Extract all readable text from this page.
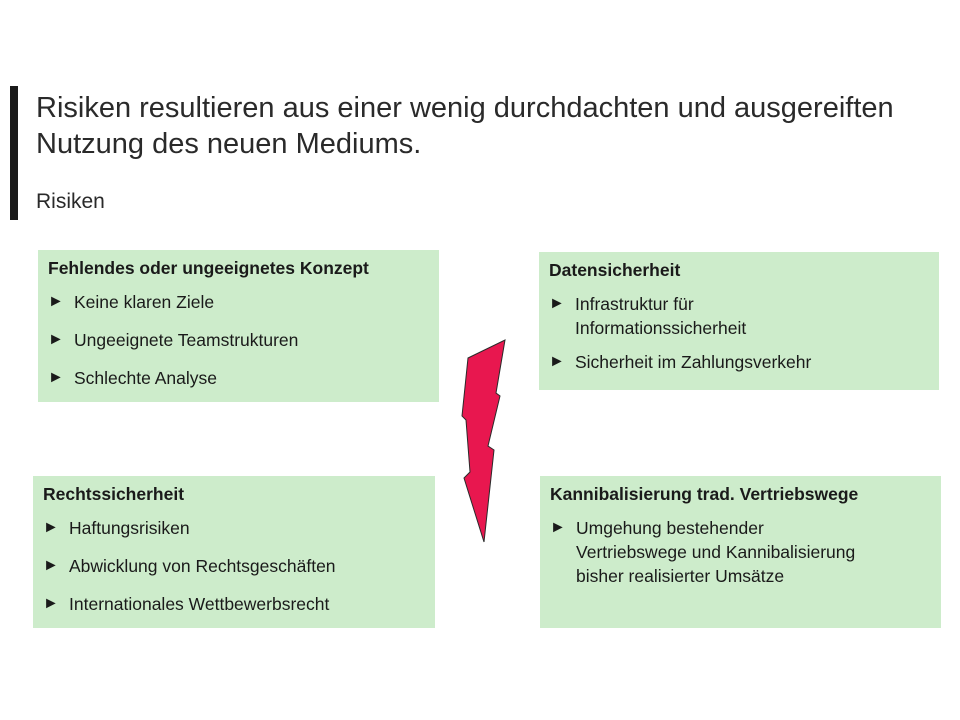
Risiken resultieren aus einer wenig durchdachten und ausgereiften
Nutzung des neuen Mediums.
Risiken
Fehlendes oder ungeeignetes Konzept
► Keine klaren Ziele
► Ungeeignete Teamstrukturen
► Schlechte Analyse
Datensicherheit
► Infrastruktur für
Informationssicherheit
► Sicherheit im Zahlungsverkehr
Rechtssicherheit
► Haftungsrisiken
► Abwicklung von Rechtsgeschäften
► Internationales Wettbewerbsrecht
Kannibalisierung trad. Vertriebswege
► Umgehung bestehender
Vertriebswege und Kannibalisierung
bisher realisierter Umsätze
